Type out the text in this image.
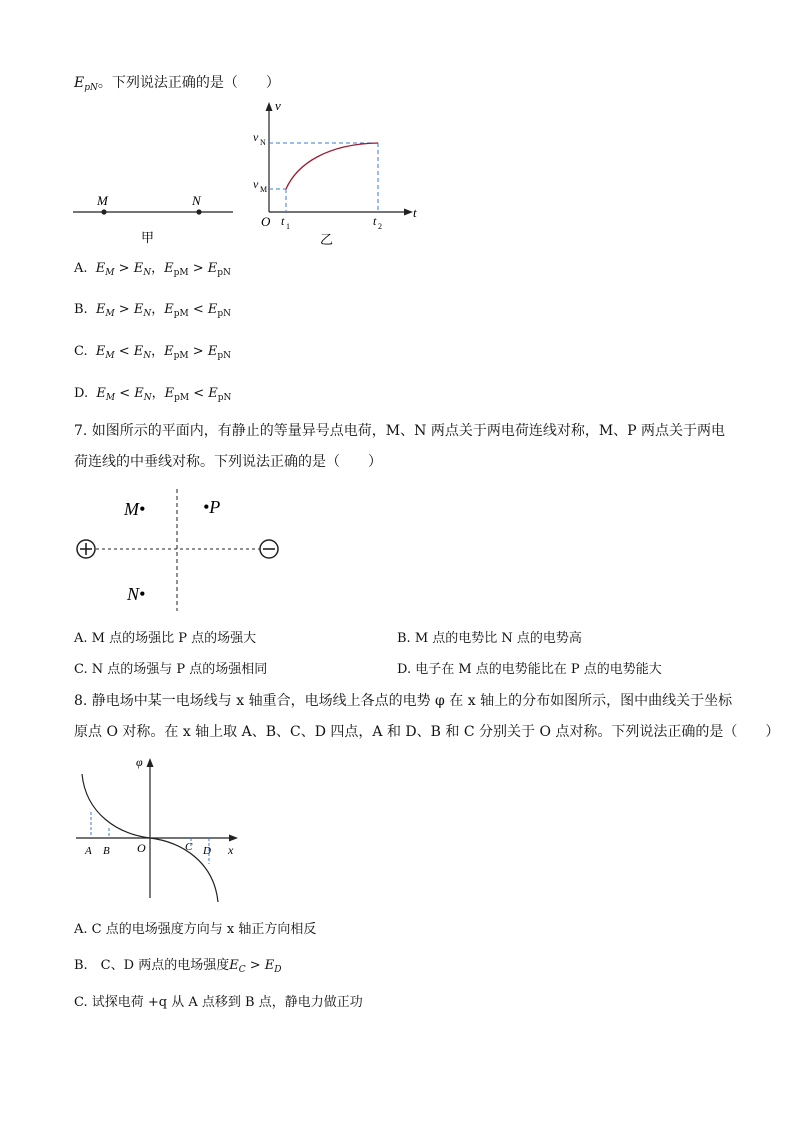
$E_{pN}$。下列说法正确的是（　　）
M	N
甲
v
t
O
v N
v M
t 1	t 2
乙
A. $E_M > E_N$，$E_{pM} > E_{pN}$
B. $E_M > E_N$，$E_{pM} < E_{pN}$
C. $E_M < E_N$，$E_{pM} > E_{pN}$
D. $E_M < E_N$，$E_{pM} < E_{pN}$
7. 如图所示的平面内，有静止的等量异号点电荷，M、N 两点关于两电荷连线对称，M、P 两点关于两电
荷连线的中垂线对称。下列说法正确的是（　　）
M•	•P
N•
A. M 点的场强比 P 点的场强大	B. M 点的电势比 N 点的电势高
C. N 点的场强与 P 点的场强相同	D. 电子在 M 点的电势能比在 P 点的电势能大
8. 静电场中某一电场线与 x 轴重合，电场线上各点的电势 φ 在 x 轴上的分布如图所示，图中曲线关于坐标
原点 O 对称。在 x 轴上取 A、B、C、D 四点，A 和 D、B 和 C 分别关于 O 点对称。下列说法正确的是（　　）
φ
x
O
A B	C D
A. C 点的电场强度方向与 x 轴正方向相反
B.　C、D 两点的电场强度$E_C > E_D$
C. 试探电荷 +q 从 A 点移到 B 点，静电力做正功
